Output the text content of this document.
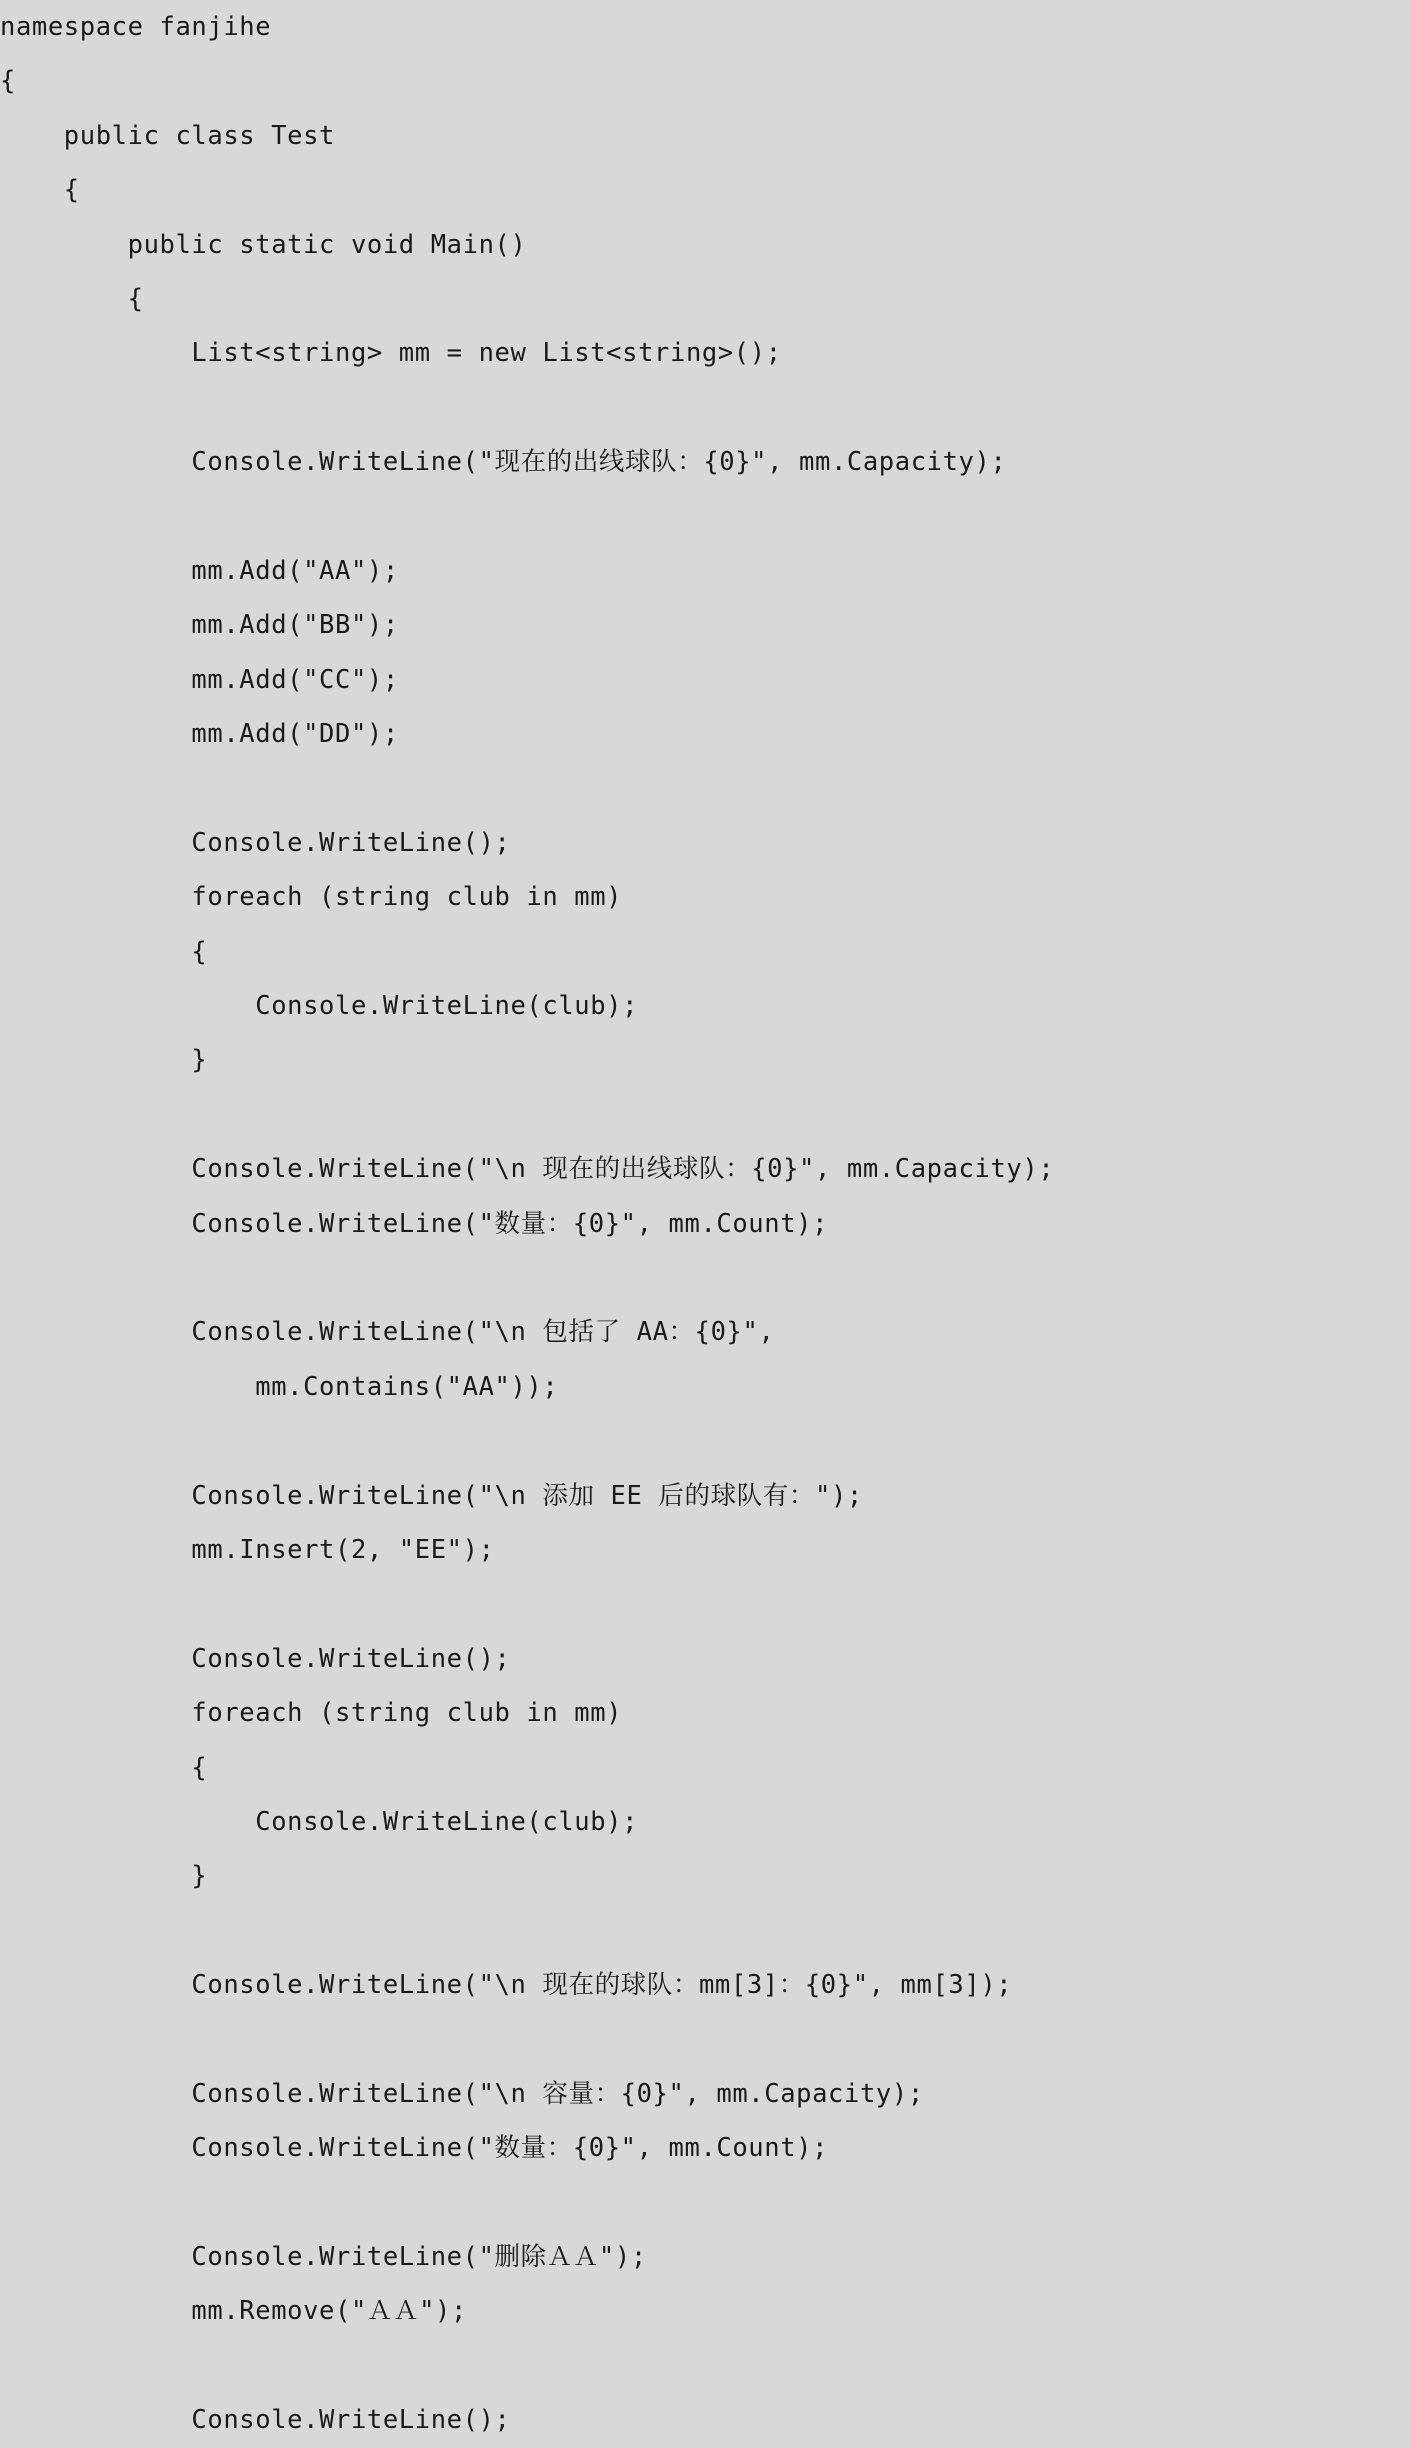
namespace fanjihe
{
public class Test
{
public static void Main()
{
List<string> mm = new List<string>();

Console.WriteLine("现在的出线球队：{0}", mm.Capacity);

mm.Add("AA");
mm.Add("BB");
mm.Add("CC");
mm.Add("DD");

Console.WriteLine();
foreach (string club in mm)
{
Console.WriteLine(club);
}

Console.WriteLine("\n 现在的出线球队：{0}", mm.Capacity);
Console.WriteLine("数量：{0}", mm.Count);

Console.WriteLine("\n 包括了 AA：{0}",
mm.Contains("AA"));

Console.WriteLine("\n 添加 EE 后的球队有：");
mm.Insert(2, "EE");

Console.WriteLine();
foreach (string club in mm)
{
Console.WriteLine(club);
}

Console.WriteLine("\n 现在的球队：mm[3]：{0}", mm[3]);

Console.WriteLine("\n 容量：{0}", mm.Capacity);
Console.WriteLine("数量：{0}", mm.Count);

Console.WriteLine("删除ＡＡ");
mm.Remove("ＡＡ");

Console.WriteLine();
